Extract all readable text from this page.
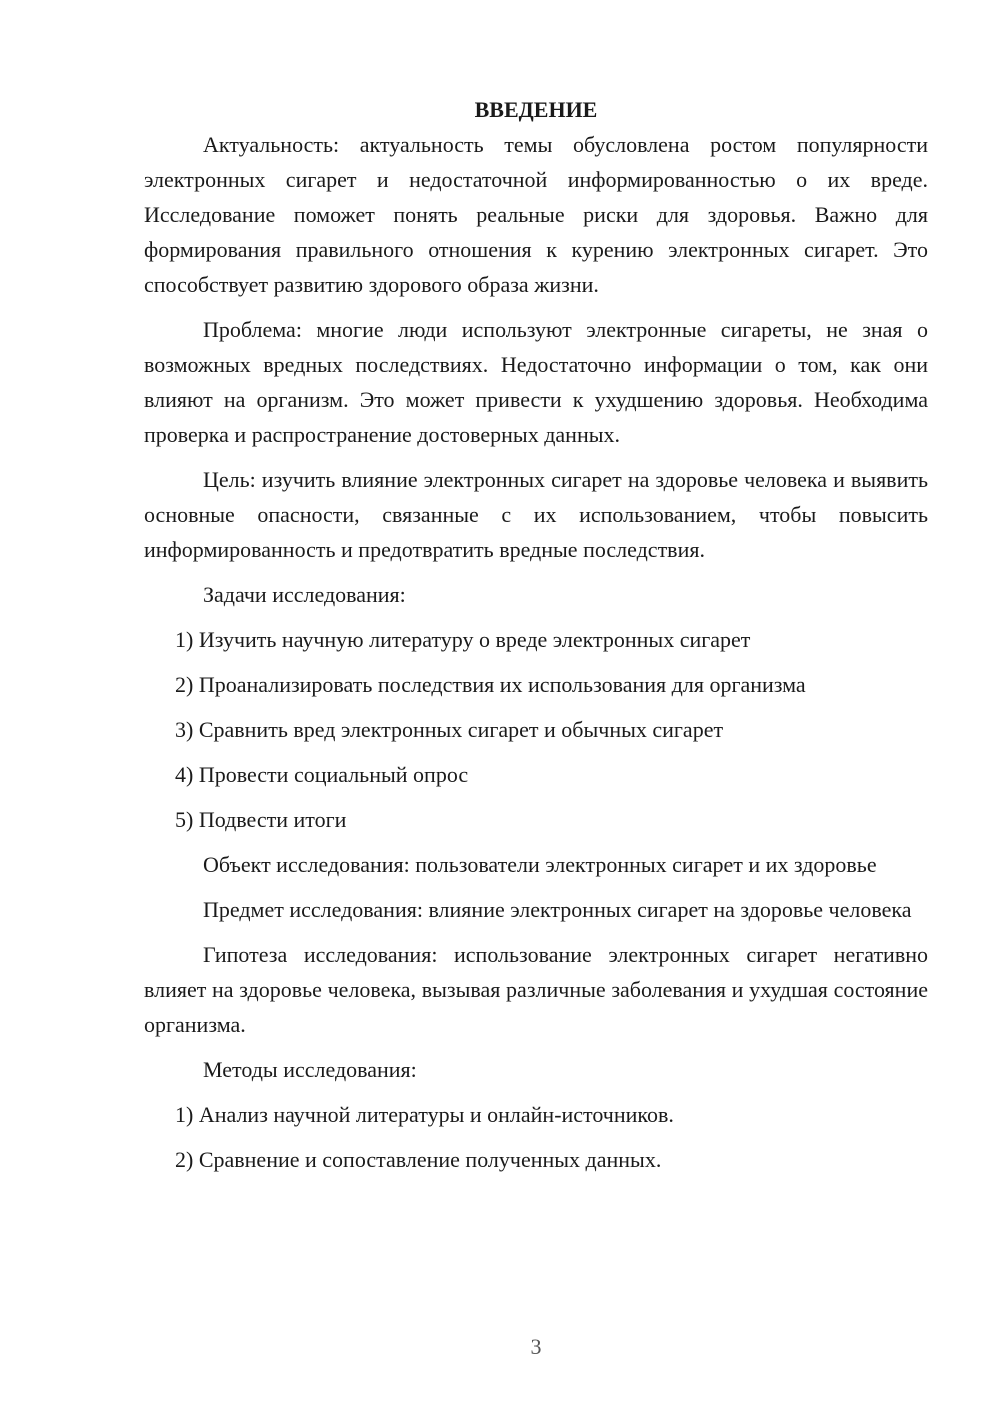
ВВЕДЕНИЕ

Актуальность: актуальность темы обусловлена ростом популярности электронных сигарет и недостаточной информированностью о их вреде. Исследование поможет понять реальные риски для здоровья. Важно для формирования правильного отношения к курению электронных сигарет. Это способствует развитию здорового образа жизни.

Проблема: многие люди используют электронные сигареты, не зная о возможных вредных последствиях. Недостаточно информации о том, как они влияют на организм. Это может привести к ухудшению здоровья. Необходима проверка и распространение достоверных данных.

Цель: изучить влияние электронных сигарет на здоровье человека и выявить основные опасности, связанные с их использованием, чтобы повысить информированность и предотвратить вредные последствия.

Задачи исследования:

1) Изучить научную литературу о вреде электронных сигарет

2) Проанализировать последствия их использования для организма

3) Сравнить вред электронных сигарет и обычных сигарет

4) Провести социальный опрос

5) Подвести итоги

Объект исследования: пользователи электронных сигарет и их здоровье

Предмет исследования: влияние электронных сигарет на здоровье человека

Гипотеза исследования: использование электронных сигарет негативно влияет на здоровье человека, вызывая различные заболевания и ухудшая состояние организма.

Методы исследования:

1) Анализ научной литературы и онлайн-источников.

2) Сравнение и сопоставление полученных данных.

3
